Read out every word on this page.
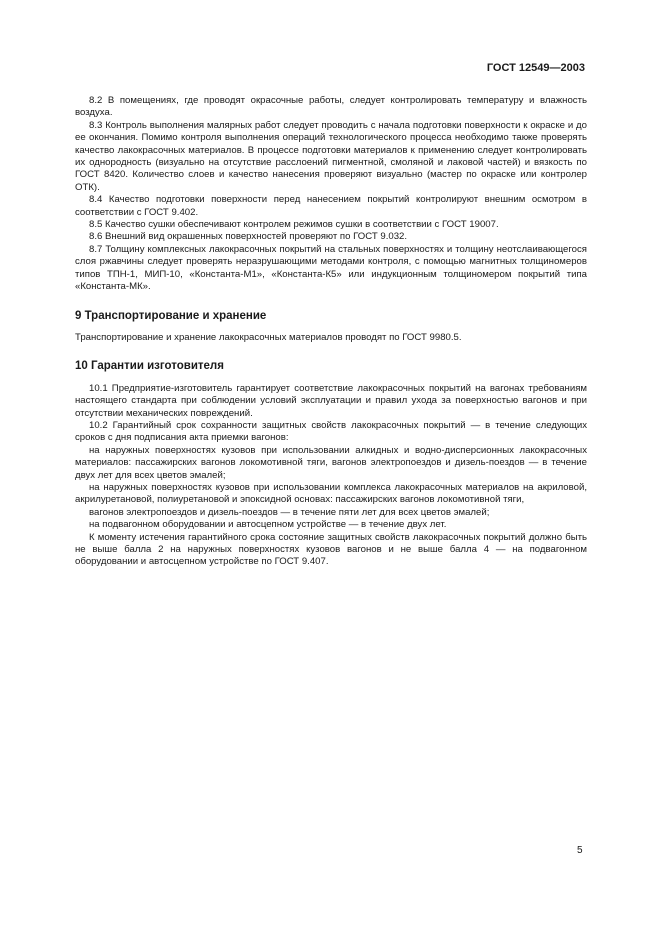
ГОСТ 12549—2003

8.2 В помещениях, где проводят окрасочные работы, следует контролировать температуру и влажность воздуха.

8.3 Контроль выполнения малярных работ следует проводить с начала подготовки поверхности к окраске и до ее окончания. Помимо контроля выполнения операций технологического процесса необходимо также проверять качество лакокрасочных материалов. В процессе подготовки материалов к применению следует контролировать их однородность (визуально на отсутствие расслоений пигментной, смоляной и лаковой частей) и вязкость по ГОСТ 8420. Количество слоев и качество нанесения проверяют визуально (мастер по окраске или контролер ОТК).

8.4 Качество подготовки поверхности перед нанесением покрытий контролируют внешним осмотром в соответствии с ГОСТ 9.402.

8.5 Качество сушки обеспечивают контролем режимов сушки в соответствии с ГОСТ 19007.

8.6 Внешний вид окрашенных поверхностей проверяют по ГОСТ 9.032.

8.7 Толщину комплексных лакокрасочных покрытий на стальных поверхностях и толщину неотслаивающегося слоя ржавчины следует проверять неразрушающими методами контроля, с помощью магнитных толщиномеров типов ТПН-1, МИП-10, «Константа-М1», «Константа-К5» или индукционным толщиномером покрытий типа «Константа-МК».

9 Транспортирование и хранение

Транспортирование и хранение лакокрасочных материалов проводят по ГОСТ 9980.5.

10 Гарантии изготовителя

10.1 Предприятие-изготовитель гарантирует соответствие лакокрасочных покрытий на вагонах требованиям настоящего стандарта при соблюдении условий эксплуатации и правил ухода за поверхностью вагонов и при отсутствии механических повреждений.

10.2 Гарантийный срок сохранности защитных свойств лакокрасочных покрытий — в течение следующих сроков с дня подписания акта приемки вагонов:

на наружных поверхностях кузовов при использовании алкидных и водно-дисперсионных лакокрасочных материалов: пассажирских вагонов локомотивной тяги, вагонов электропоездов и дизель-поездов — в течение двух лет для всех цветов эмалей;

на наружных поверхностях кузовов при использовании комплекса лакокрасочных материалов на акриловой, акрилуретановой, полиуретановой и эпоксидной основах: пассажирских вагонов локомотивной тяги,

вагонов электропоездов и дизель-поездов — в течение пяти лет для всех цветов эмалей;

на подвагонном оборудовании и автосцепном устройстве — в течение двух лет.

К моменту истечения гарантийного срока состояние защитных свойств лакокрасочных покрытий должно быть не выше балла 2 на наружных поверхностях кузовов вагонов и не выше балла 4 — на подвагонном оборудовании и автосцепном устройстве по ГОСТ 9.407.

5
